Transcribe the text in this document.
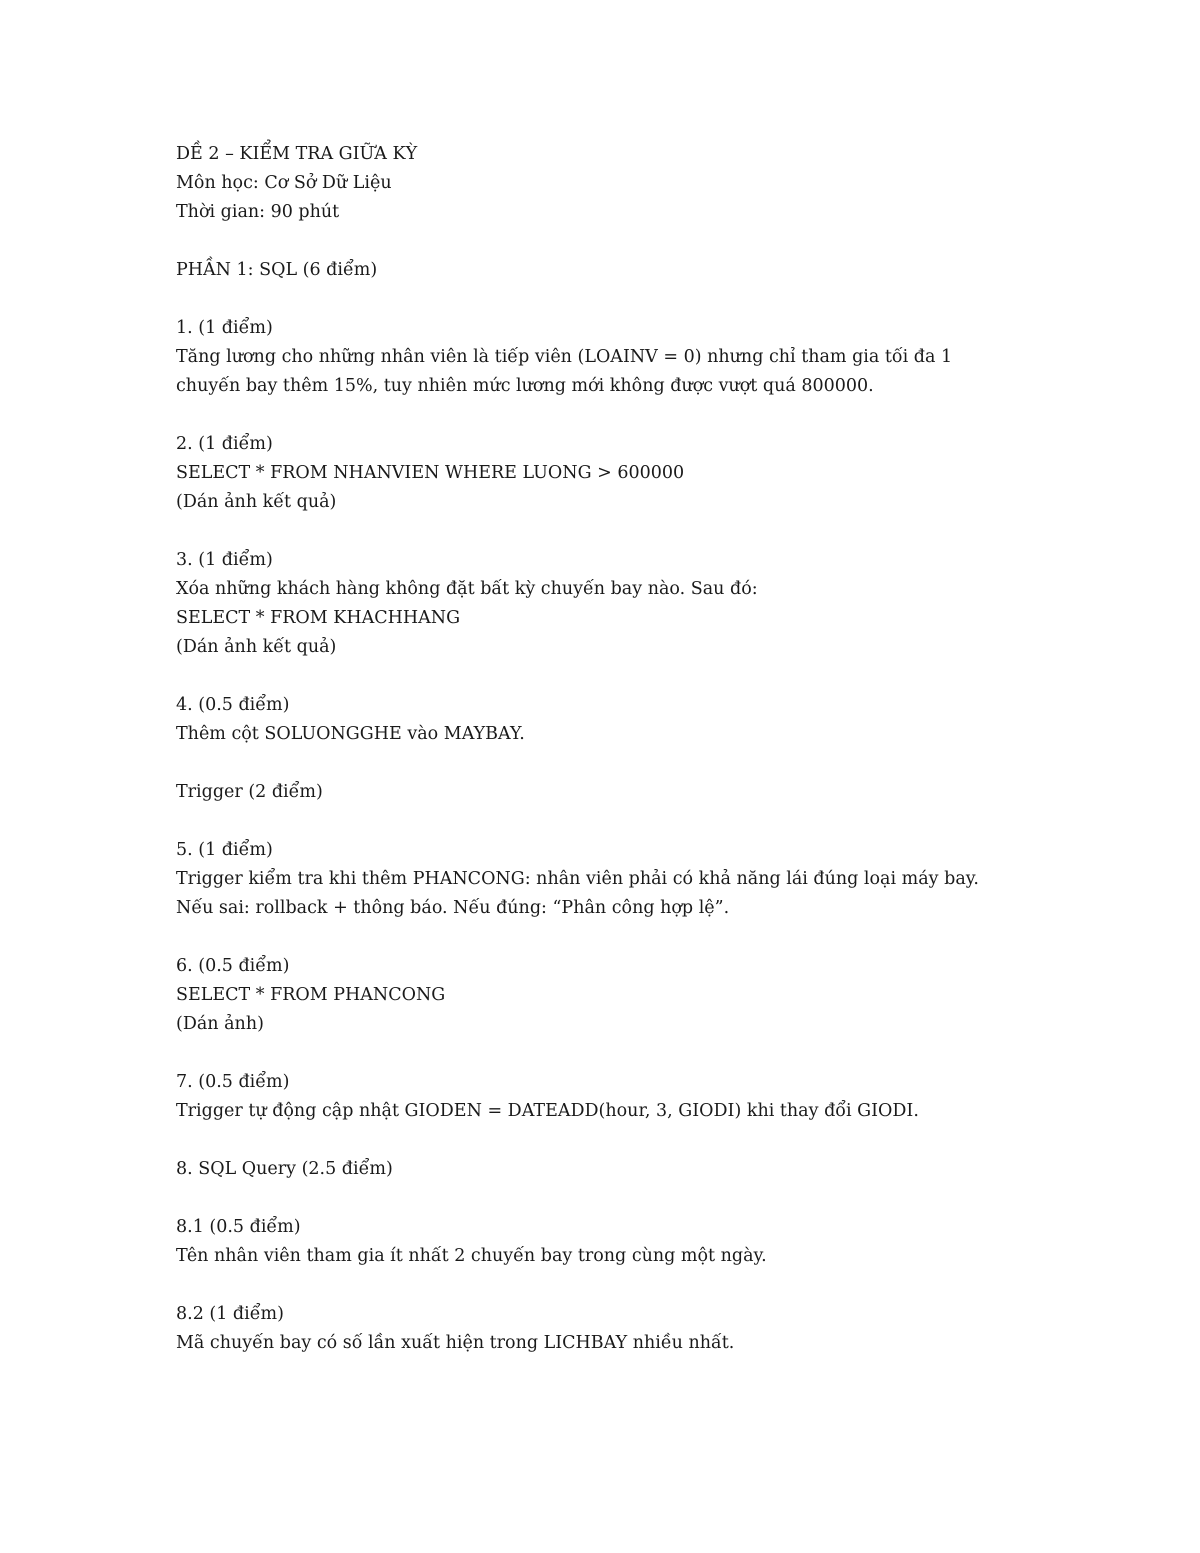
DỀ 2 – KIỂM TRA GIỮA KỲ
Môn học: Cơ Sở Dữ Liệu
Thời gian: 90 phút
PHẦN 1: SQL (6 điểm)
1. (1 điểm)
Tăng lương cho những nhân viên là tiếp viên (LOAINV = 0) nhưng chỉ tham gia tối đa 1
chuyến bay thêm 15%, tuy nhiên mức lương mới không được vượt quá 800000.
2. (1 điểm)
SELECT * FROM NHANVIEN WHERE LUONG > 600000
(Dán ảnh kết quả)
3. (1 điểm)
Xóa những khách hàng không đặt bất kỳ chuyến bay nào. Sau đó:
SELECT * FROM KHACHHANG
(Dán ảnh kết quả)
4. (0.5 điểm)
Thêm cột SOLUONGGHE vào MAYBAY.
Trigger (2 điểm)
5. (1 điểm)
Trigger kiểm tra khi thêm PHANCONG: nhân viên phải có khả năng lái đúng loại máy bay.
Nếu sai: rollback + thông báo. Nếu đúng: “Phân công hợp lệ”.
6. (0.5 điểm)
SELECT * FROM PHANCONG
(Dán ảnh)
7. (0.5 điểm)
Trigger tự động cập nhật GIODEN = DATEADD(hour, 3, GIODI) khi thay đổi GIODI.
8. SQL Query (2.5 điểm)
8.1 (0.5 điểm)
Tên nhân viên tham gia ít nhất 2 chuyến bay trong cùng một ngày.
8.2 (1 điểm)
Mã chuyến bay có số lần xuất hiện trong LICHBAY nhiều nhất.
